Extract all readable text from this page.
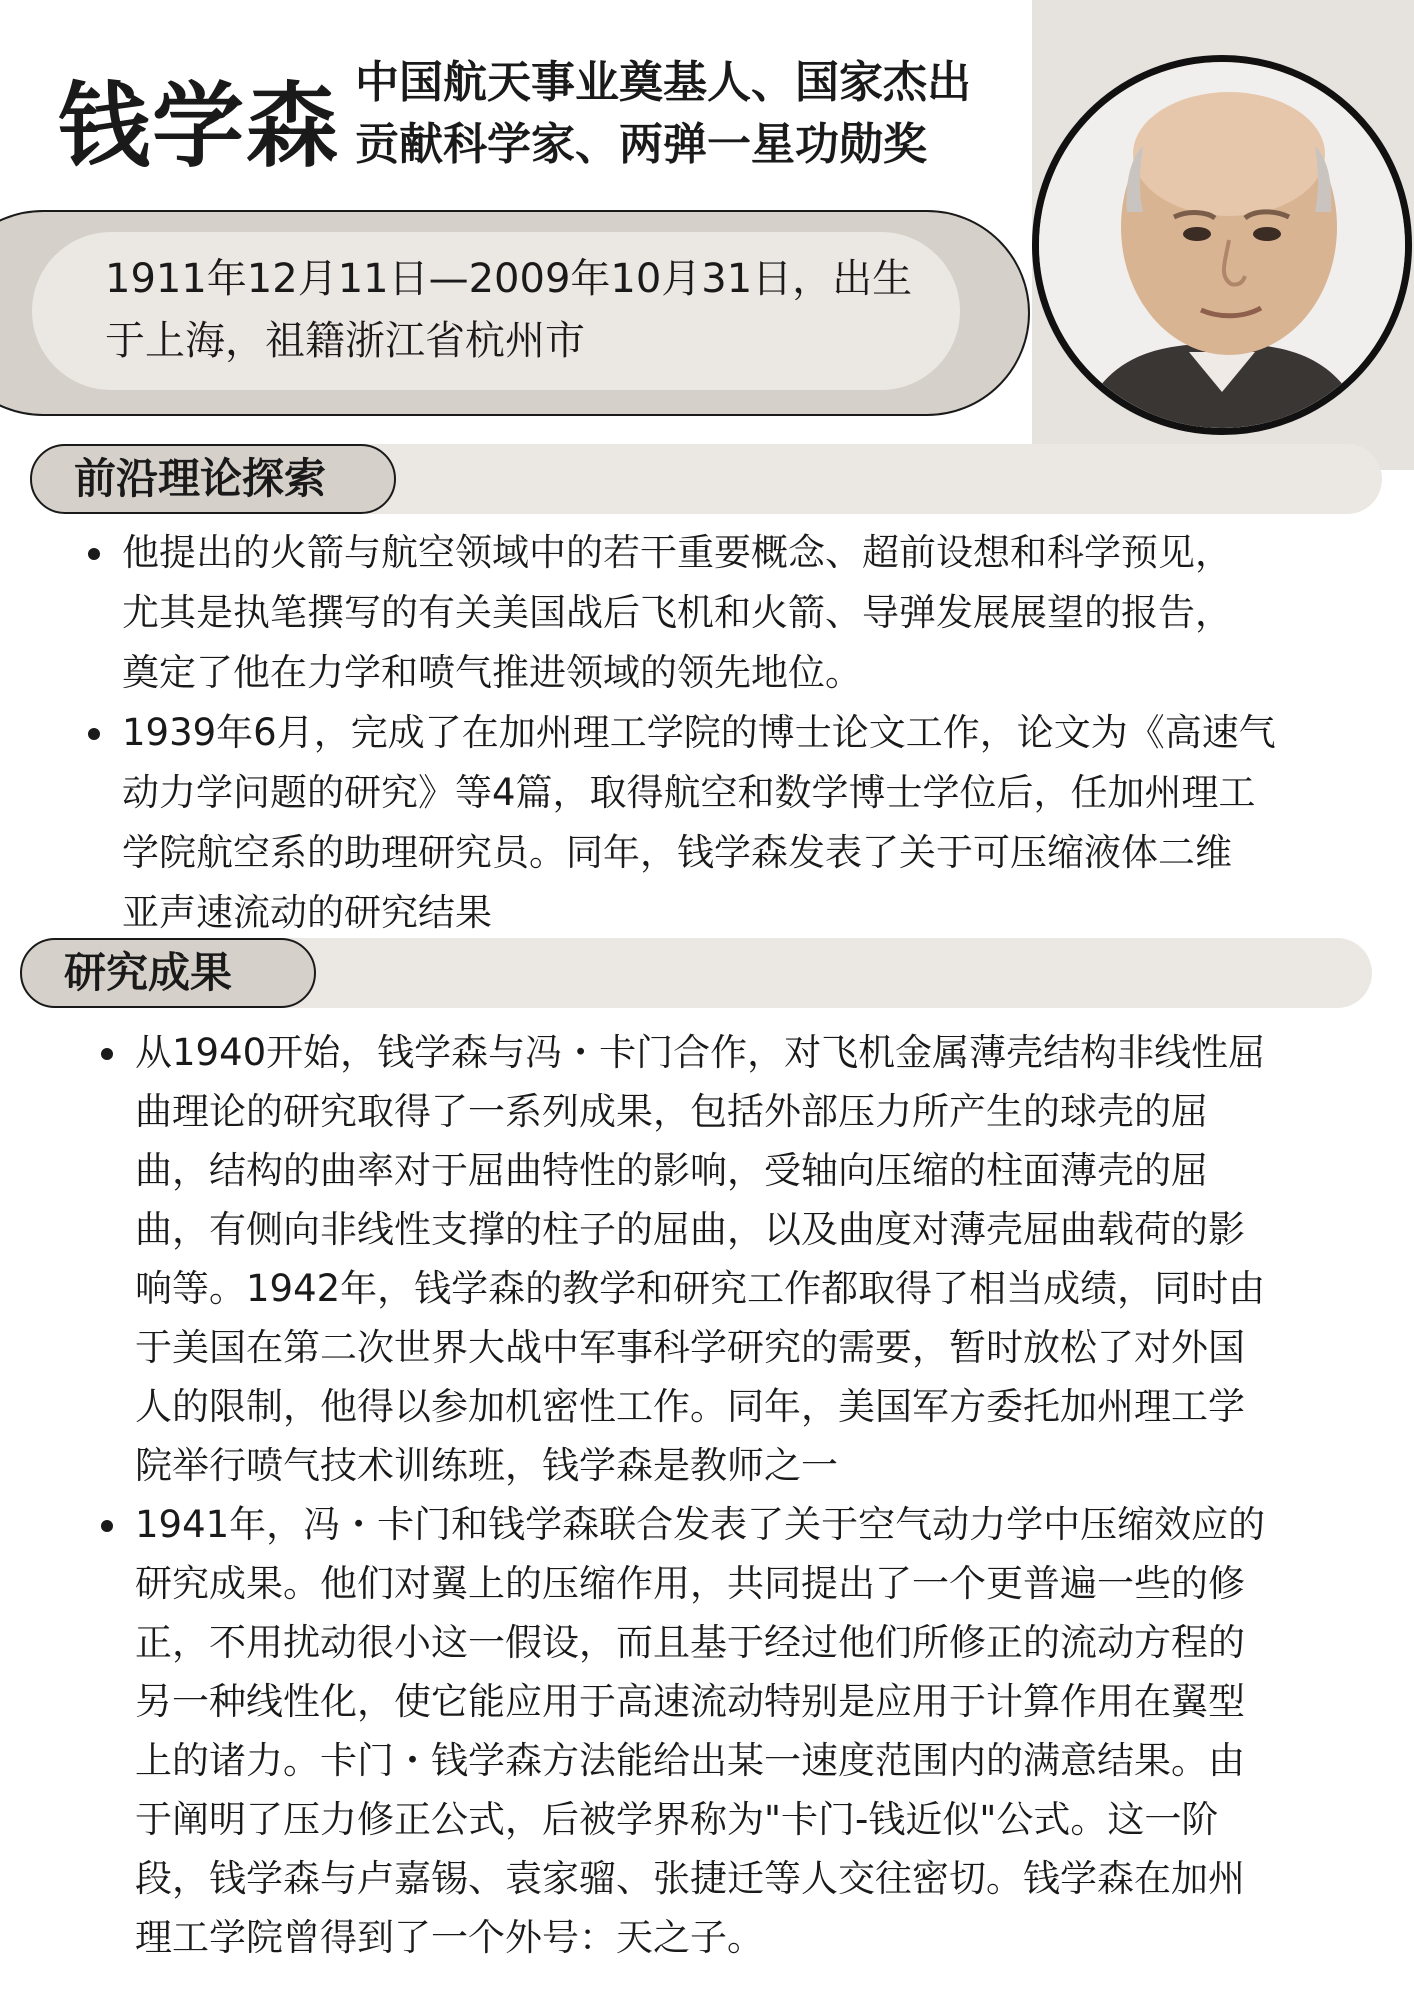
钱学森 中国航天事业奠基人、国家杰出
贡献科学家、两弹一星功勋奖

1911年12月11日—2009年10月31日，出生
于上海，祖籍浙江省杭州市

前沿理论探索
他提出的火箭与航空领域中的若干重要概念、超前设想和科学预见，
尤其是执笔撰写的有关美国战后飞机和火箭、导弹发展展望的报告，
奠定了他在力学和喷气推进领域的领先地位。
1939年6月，完成了在加州理工学院的博士论文工作，论文为《高速气
动力学问题的研究》等4篇，取得航空和数学博士学位后，任加州理工
学院航空系的助理研究员。同年，钱学森发表了关于可压缩液体二维
亚声速流动的研究结果
研究成果
从1940开始，钱学森与冯・卡门合作，对飞机金属薄壳结构非线性屈
曲理论的研究取得了一系列成果，包括外部压力所产生的球壳的屈
曲，结构的曲率对于屈曲特性的影响，受轴向压缩的柱面薄壳的屈
曲，有侧向非线性支撑的柱子的屈曲，以及曲度对薄壳屈曲载荷的影
响等。1942年，钱学森的教学和研究工作都取得了相当成绩，同时由
于美国在第二次世界大战中军事科学研究的需要，暂时放松了对外国
人的限制，他得以参加机密性工作。同年，美国军方委托加州理工学
院举行喷气技术训练班，钱学森是教师之一
1941年，冯・卡门和钱学森联合发表了关于空气动力学中压缩效应的
研究成果。他们对翼上的压缩作用，共同提出了一个更普遍一些的修
正，不用扰动很小这一假设，而且基于经过他们所修正的流动方程的
另一种线性化，使它能应用于高速流动特别是应用于计算作用在翼型
上的诸力。卡门・钱学森方法能给出某一速度范围内的满意结果。由
于阐明了压力修正公式，后被学界称为"卡门-钱近似"公式。这一阶
段，钱学森与卢嘉锡、袁家骝、张捷迁等人交往密切。钱学森在加州
理工学院曾得到了一个外号：天之子。
